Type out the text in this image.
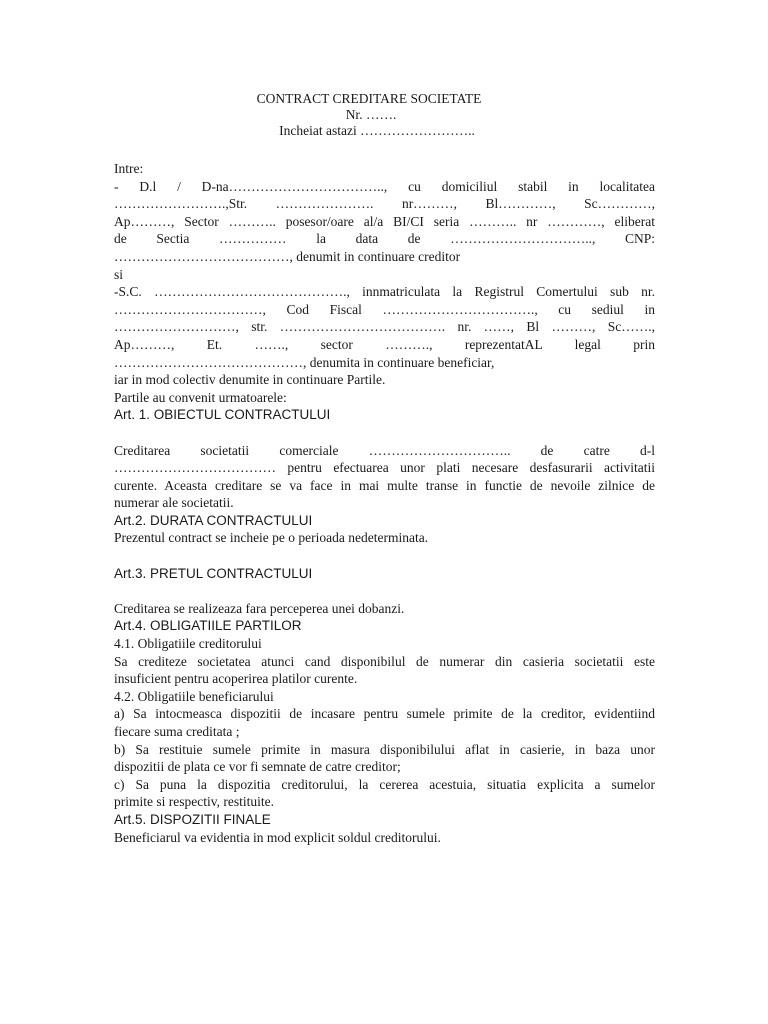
CONTRACT CREDITARE SOCIETATE
Nr. …….
Incheiat astazi ……………………..

Intre:

- D.l / D-na…………………………….., cu domiciliul stabil in localitatea

…………………….,Str. …………………. nr………, Bl…………, Sc…………,

Ap………, Sector ……….. posesor/oare al/a BI/CI seria ……….. nr …………, eliberat

de Sectia …………… la data de ………………………….., CNP:

…………………………………, denumit in continuare creditor

si

-S.C. ……………………………………., innmatriculata la Registrul Comertului sub nr.

……………………………, Cod Fiscal ……………………………., cu sediul in

………………………, str. ………………………………. nr. ……, Bl ………, Sc…….,

Ap………, Et. ……., sector ………., reprezentatAL legal prin

……………………………………, denumita in continuare beneficiar,

iar in mod colectiv denumite in continuare Partile.

Partile au convenit urmatoarele:

Art. 1. OBIECTUL CONTRACTULUI

Creditarea societatii comerciale ………………………….. de catre d-l

……………………………… pentru efectuarea unor plati necesare desfasurarii activitatii

curente. Aceasta creditare se va face in mai multe transe in functie de nevoile zilnice de

numerar ale societatii.

Art.2. DURATA CONTRACTULUI

Prezentul contract se incheie pe o perioada nedeterminata.

Art.3. PRETUL CONTRACTULUI

Creditarea se realizeaza fara perceperea unei dobanzi.

Art.4. OBLIGATIILE PARTILOR

4.1. Obligatiile creditorului

Sa crediteze societatea atunci cand disponibilul de numerar din casieria societatii este

insuficient pentru acoperirea platilor curente.

4.2. Obligatiile beneficiarului

a) Sa intocmeasca dispozitii de incasare pentru sumele primite de la creditor, evidentiind

fiecare suma creditata ;

b) Sa restituie sumele primite in masura disponibilului aflat in casierie, in baza unor

dispozitii de plata ce vor fi semnate de catre creditor;

c) Sa puna la dispozitia creditorului, la cererea acestuia, situatia explicita a sumelor

primite si respectiv, restituite.

Art.5. DISPOZITII FINALE

Beneficiarul va evidentia in mod explicit soldul creditorului.
